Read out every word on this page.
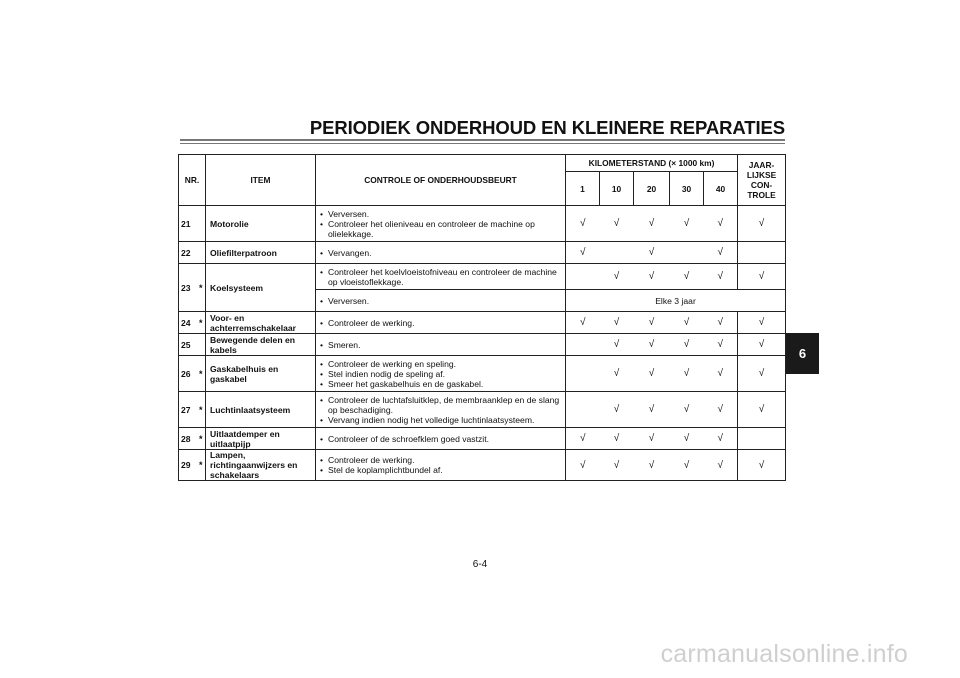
PERIODIEK ONDERHOUD EN KLEINERE REPARATIES
NR.		ITEM	CONTROLE OF ONDERHOUDSBEURT	KILOMETERSTAND (× 1000 km)					JAAR-
LIJKSE
CON-
TROLE
				1	10	20	30	40	
21		Motorolie	• Verversen.
• Controleer het olieniveau en controleer de machine op olielekkage.	√	√	√	√	√	√
22		Oliefilterpatroon	• Vervangen.	√		√		√	
23	*	Koelsysteem	• Controleer het koelvloeistofniveau en controleer de machine op vloeistoflekkage.		√	√	√	√	√

			• Verversen.	Elke 3 jaar					
24	*	Voor- en achterremschakelaar	• Controleer de werking.	√	√	√	√	√	√
25		Bewegende delen en kabels	• Smeren.		√	√	√	√	√
26	*	Gaskabelhuis en gaskabel	• Controleer de werking en speling.
• Stel indien nodig de speling af.
• Smeer het gaskabelhuis en de gaskabel.		√	√	√	√	√
27	*	Luchtinlaatsysteem	• Controleer de luchtafsluitklep, de membraanklep en de slang op beschadiging.
• Vervang indien nodig het volledige luchtinlaatsysteem.		√	√	√	√	√
28	*	Uitlaatdemper en uitlaatpijp	• Controleer of de schroefklem goed vastzit.	√	√	√	√	√	
29	*	Lampen, richtingaanwijzers en schakelaars	• Controleer de werking.
• Stel de koplamplichtbundel af.	√	√	√	√	√	√
6
6-4
carmanualsonline.info
